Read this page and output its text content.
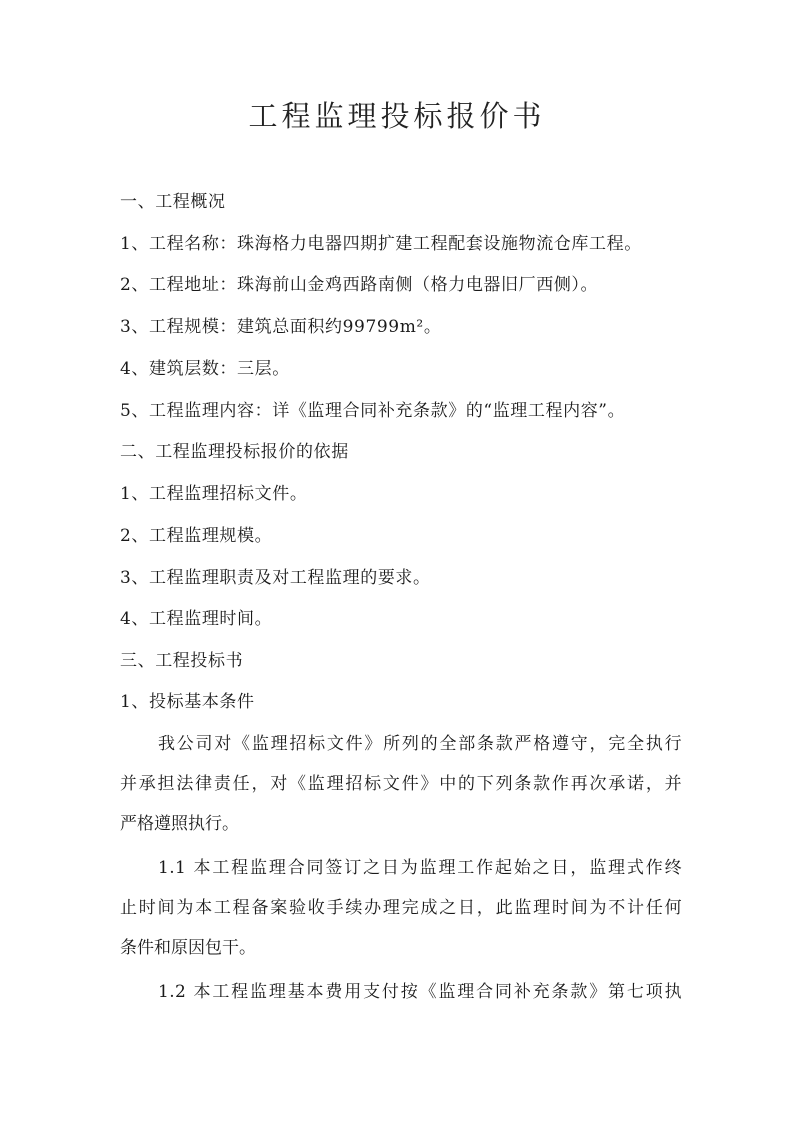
工程监理投标报价书
一、工程概况
1、工程名称：珠海格力电器四期扩建工程配套设施物流仓库工程。
2、工程地址：珠海前山金鸡西路南侧（格力电器旧厂西侧）。
3、工程规模：建筑总面积约99799m²。
4、建筑层数：三层。
5、工程监理内容：详《监理合同补充条款》的“监理工程内容”。
二、工程监理投标报价的依据
1、工程监理招标文件。
2、工程监理规模。
3、工程监理职责及对工程监理的要求。
4、工程监理时间。
三、工程投标书
1、投标基本条件
我公司对《监理招标文件》所列的全部条款严格遵守，完全执行
并承担法律责任，对《监理招标文件》中的下列条款作再次承诺，并
严格遵照执行。
1.1 本工程监理合同签订之日为监理工作起始之日，监理式作终
止时间为本工程备案验收手续办理完成之日，此监理时间为不计任何
条件和原因包干。
1.2 本工程监理基本费用支付按《监理合同补充条款》第七项执
